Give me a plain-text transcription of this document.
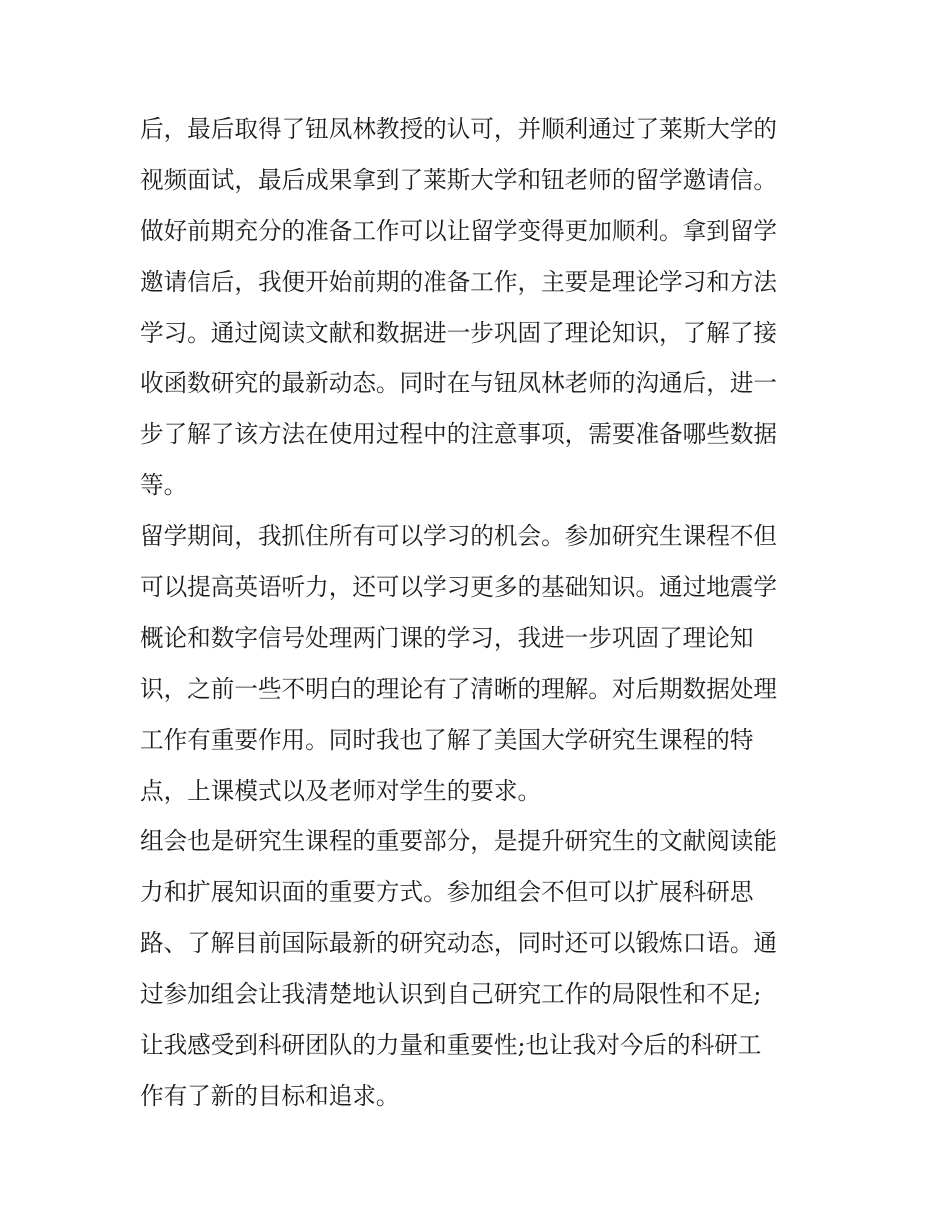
后，最后取得了钮凤林教授的认可，并顺利通过了莱斯大学的
视频面试，最后成果拿到了莱斯大学和钮老师的留学邀请信。
做好前期充分的准备工作可以让留学变得更加顺利。拿到留学
邀请信后，我便开始前期的准备工作，主要是理论学习和方法
学习。通过阅读文献和数据进一步巩固了理论知识，了解了接
收函数研究的最新动态。同时在与钮凤林老师的沟通后，进一
步了解了该方法在使用过程中的注意事项，需要准备哪些数据
等。
留学期间，我抓住所有可以学习的机会。参加研究生课程不但
可以提高英语听力，还可以学习更多的基础知识。通过地震学
概论和数字信号处理两门课的学习，我进一步巩固了理论知
识，之前一些不明白的理论有了清晰的理解。对后期数据处理
工作有重要作用。同时我也了解了美国大学研究生课程的特
点，上课模式以及老师对学生的要求。
组会也是研究生课程的重要部分，是提升研究生的文献阅读能
力和扩展知识面的重要方式。参加组会不但可以扩展科研思
路、了解目前国际最新的研究动态，同时还可以锻炼口语。通
过参加组会让我清楚地认识到自己研究工作的局限性和不足;
让我感受到科研团队的力量和重要性;也让我对今后的科研工
作有了新的目标和追求。
